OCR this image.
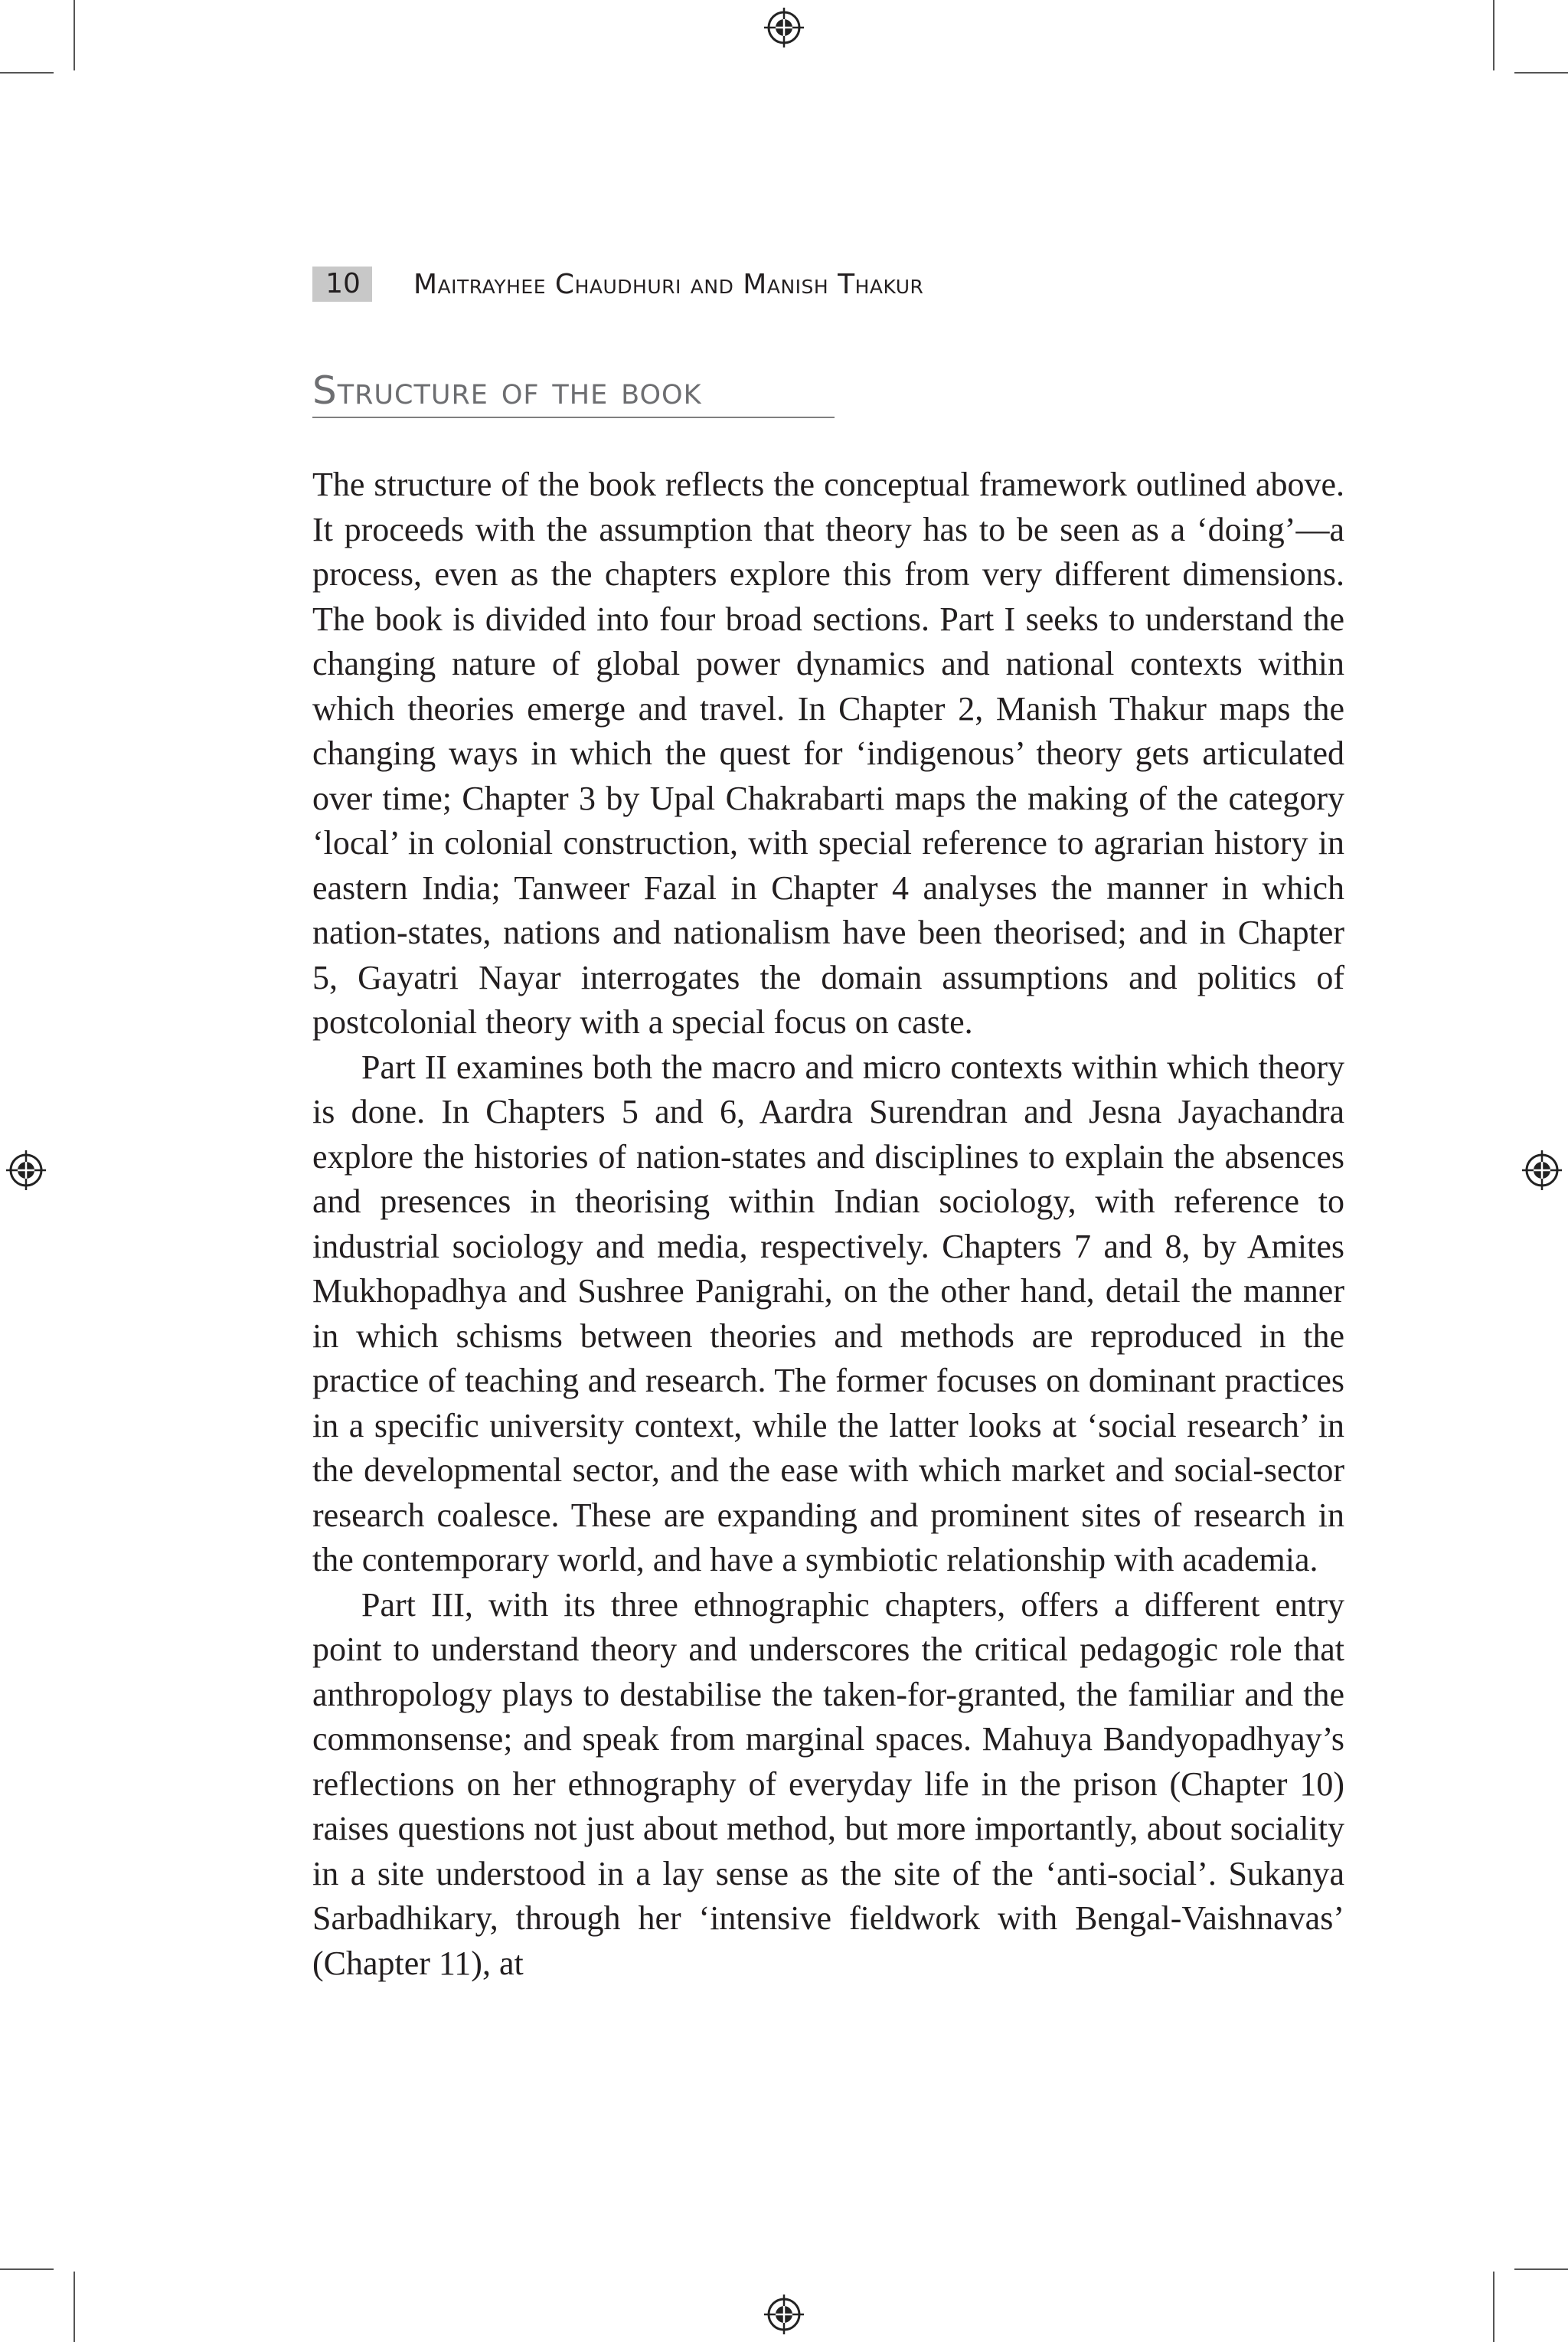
10	Maitrayhee Chaudhuri and Manish Thakur
Structure of the book

The structure of the book reflects the conceptual framework outlined above. It proceeds with the assumption that theory has to be seen as a ‘doing’—a process, even as the chapters explore this from very different dimensions. The book is divided into four broad sections. Part I seeks to understand the changing nature of global power dynamics and national contexts within which theories emerge and travel. In Chapter 2, Manish Thakur maps the changing ways in which the quest for ‘indigenous’ theory gets articulated over time; Chapter 3 by Upal Chakrabarti maps the making of the category ‘local’ in colonial construction, with special reference to agrarian history in eastern India; Tanweer Fazal in Chapter 4 analyses the manner in which nation-states, nations and nationalism have been theorised; and in Chapter 5, Gayatri Nayar interrogates the domain assumptions and politics of postcolonial theory with a special focus on caste.

Part II examines both the macro and micro contexts within which theory is done. In Chapters 5 and 6, Aardra Surendran and Jesna Jayachandra explore the histories of nation-states and disciplines to explain the absences and presences in theorising within Indian sociology, with reference to industrial sociology and media, respectively. Chapters 7 and 8, by Amites Mukhopadhya and Sushree Panigrahi, on the other hand, detail the manner in which schisms between theories and methods are reproduced in the practice of teaching and research. The former focuses on dominant practices in a specific university context, while the latter looks at ‘social research’ in the developmental sector, and the ease with which market and social-sector research coalesce. These are expanding and prominent sites of research in the contemporary world, and have a symbiotic relationship with academia.

Part III, with its three ethnographic chapters, offers a different entry point to understand theory and underscores the critical pedagogic role that anthropology plays to destabilise the taken-for-granted, the familiar and the commonsense; and speak from marginal spaces. Mahuya Bandyopadhyay’s reflections on her ethnography of everyday life in the prison (Chapter 10) raises questions not just about method, but more importantly, about sociality in a site understood in a lay sense as the site of the ‘anti-social’. Sukanya Sarbadhikary, through her ‘intensive fieldwork with Bengal-Vaishnavas’ (Chapter 11), at
